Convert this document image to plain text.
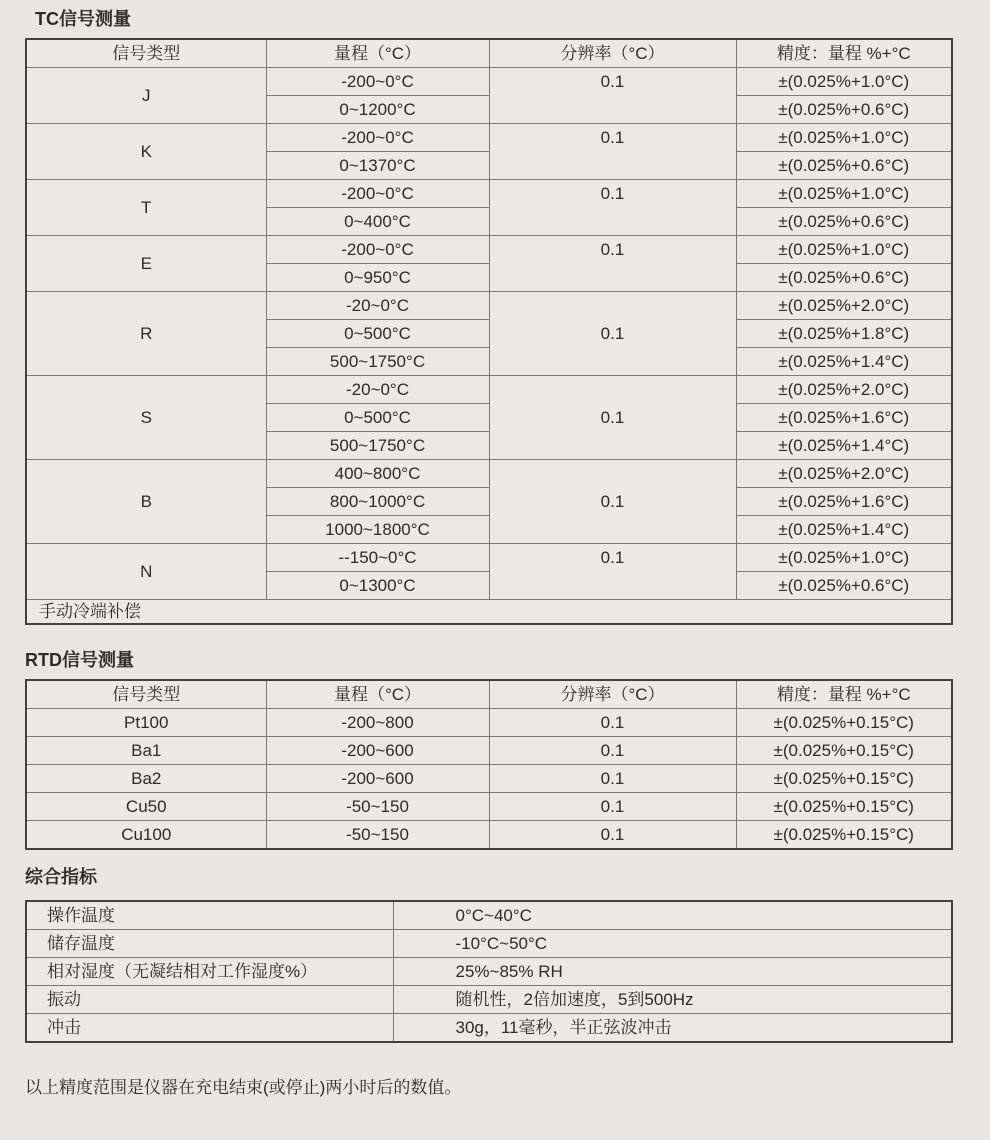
TC信号测量
信号类型	量程（°C）	分辨率（°C）	精度：量程 %+°C
J	-200~0°C	0.1	±(0.025%+1.0°C)
	0~1200°C		±(0.025%+0.6°C)
K	-200~0°C	0.1	±(0.025%+1.0°C)
	0~1370°C		±(0.025%+0.6°C)
T	-200~0°C	0.1	±(0.025%+1.0°C)
	0~400°C		±(0.025%+0.6°C)
E	-200~0°C	0.1	±(0.025%+1.0°C)
	0~950°C		±(0.025%+0.6°C)
R	-20~0°C	0.1	±(0.025%+2.0°C)
	0~500°C		±(0.025%+1.8°C)
	500~1750°C		±(0.025%+1.4°C)
S	-20~0°C	0.1	±(0.025%+2.0°C)
	0~500°C		±(0.025%+1.6°C)
	500~1750°C		±(0.025%+1.4°C)
B	400~800°C	0.1	±(0.025%+2.0°C)
	800~1000°C		±(0.025%+1.6°C)
	1000~1800°C		±(0.025%+1.4°C)
N	--150~0°C	0.1	±(0.025%+1.0°C)
	0~1300°C		±(0.025%+0.6°C)
手动冷端补偿			
RTD信号测量
信号类型	量程（°C）	分辨率（°C）	精度：量程 %+°C
Pt100	-200~800	0.1	±(0.025%+0.15°C)
Ba1	-200~600	0.1	±(0.025%+0.15°C)
Ba2	-200~600	0.1	±(0.025%+0.15°C)
Cu50	-50~150	0.1	±(0.025%+0.15°C)
Cu100	-50~150	0.1	±(0.025%+0.15°C)
综合指标
操作温度	0°C~40°C
储存温度	-10°C~50°C
相对湿度（无凝结相对工作湿度%）	25%~85% RH
振动	随机性，2倍加速度，5到500Hz
冲击	30g，11毫秒，半正弦波冲击
以上精度范围是仪器在充电结束(或停止)两小时后的数值。
